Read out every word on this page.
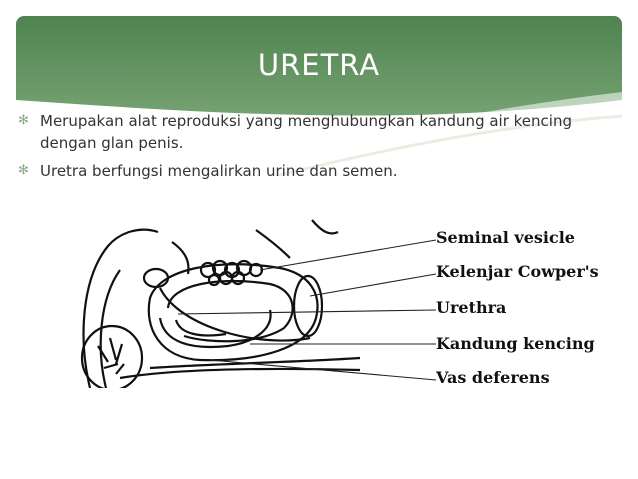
URETRA
✻ Merupakan alat reproduksi yang menghubungkan kandung air kencing dengan glan penis.
✻ Uretra berfungsi mengalirkan urine dan semen.
Seminal vesicle
Kelenjar Cowper's
Urethra
Kandung kencing
Vas deferens
